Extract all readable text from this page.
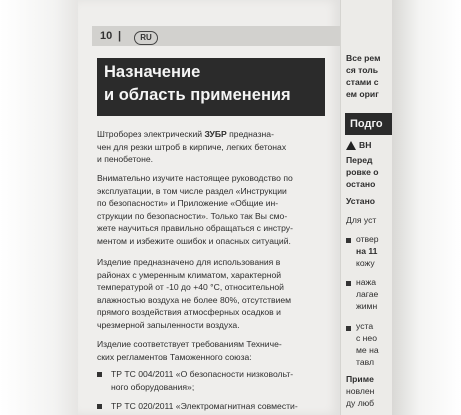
10 |	RU
Назначение
и область применения

Штроборез электрический ЗУБР предназна-

чен для резки штроб в кирпиче, легких бетонах

и пенобетоне.

Внимательно изучите настоящее руководство по

эксплуатации, в том числе раздел «Инструкции

по безопасности» и Приложение «Общие ин-

струкции по безопасности». Только так Вы смо-

жете научиться правильно обращаться с инстру-

ментом и избежите ошибок и опасных ситуаций.

Изделие предназначено для использования в

районах с умеренным климатом, характерной

температурой от -10 до +40 °С, относительной

влажностью воздуха не более 80%, отсутствием

прямого воздействия атмосферных осадков и

чрезмерной запыленности воздуха.

Изделие соответствует требованиям Техниче-

ских регламентов Таможенного союза:

ТР ТС 004/2011 «О безопасности низковольт-
ного оборудования»;
ТР ТС 020/2011 «Электромагнитная совмести-
Все рем
ся толь
стами с
ем ориг
Подго
ВН
Перед
ровке о
остано
Устано
Для уст
отвер
на 11
кожу
нажа
лагае
жимн
уста
с нео
ме на
тавл
Приме
новлен
ду люб
